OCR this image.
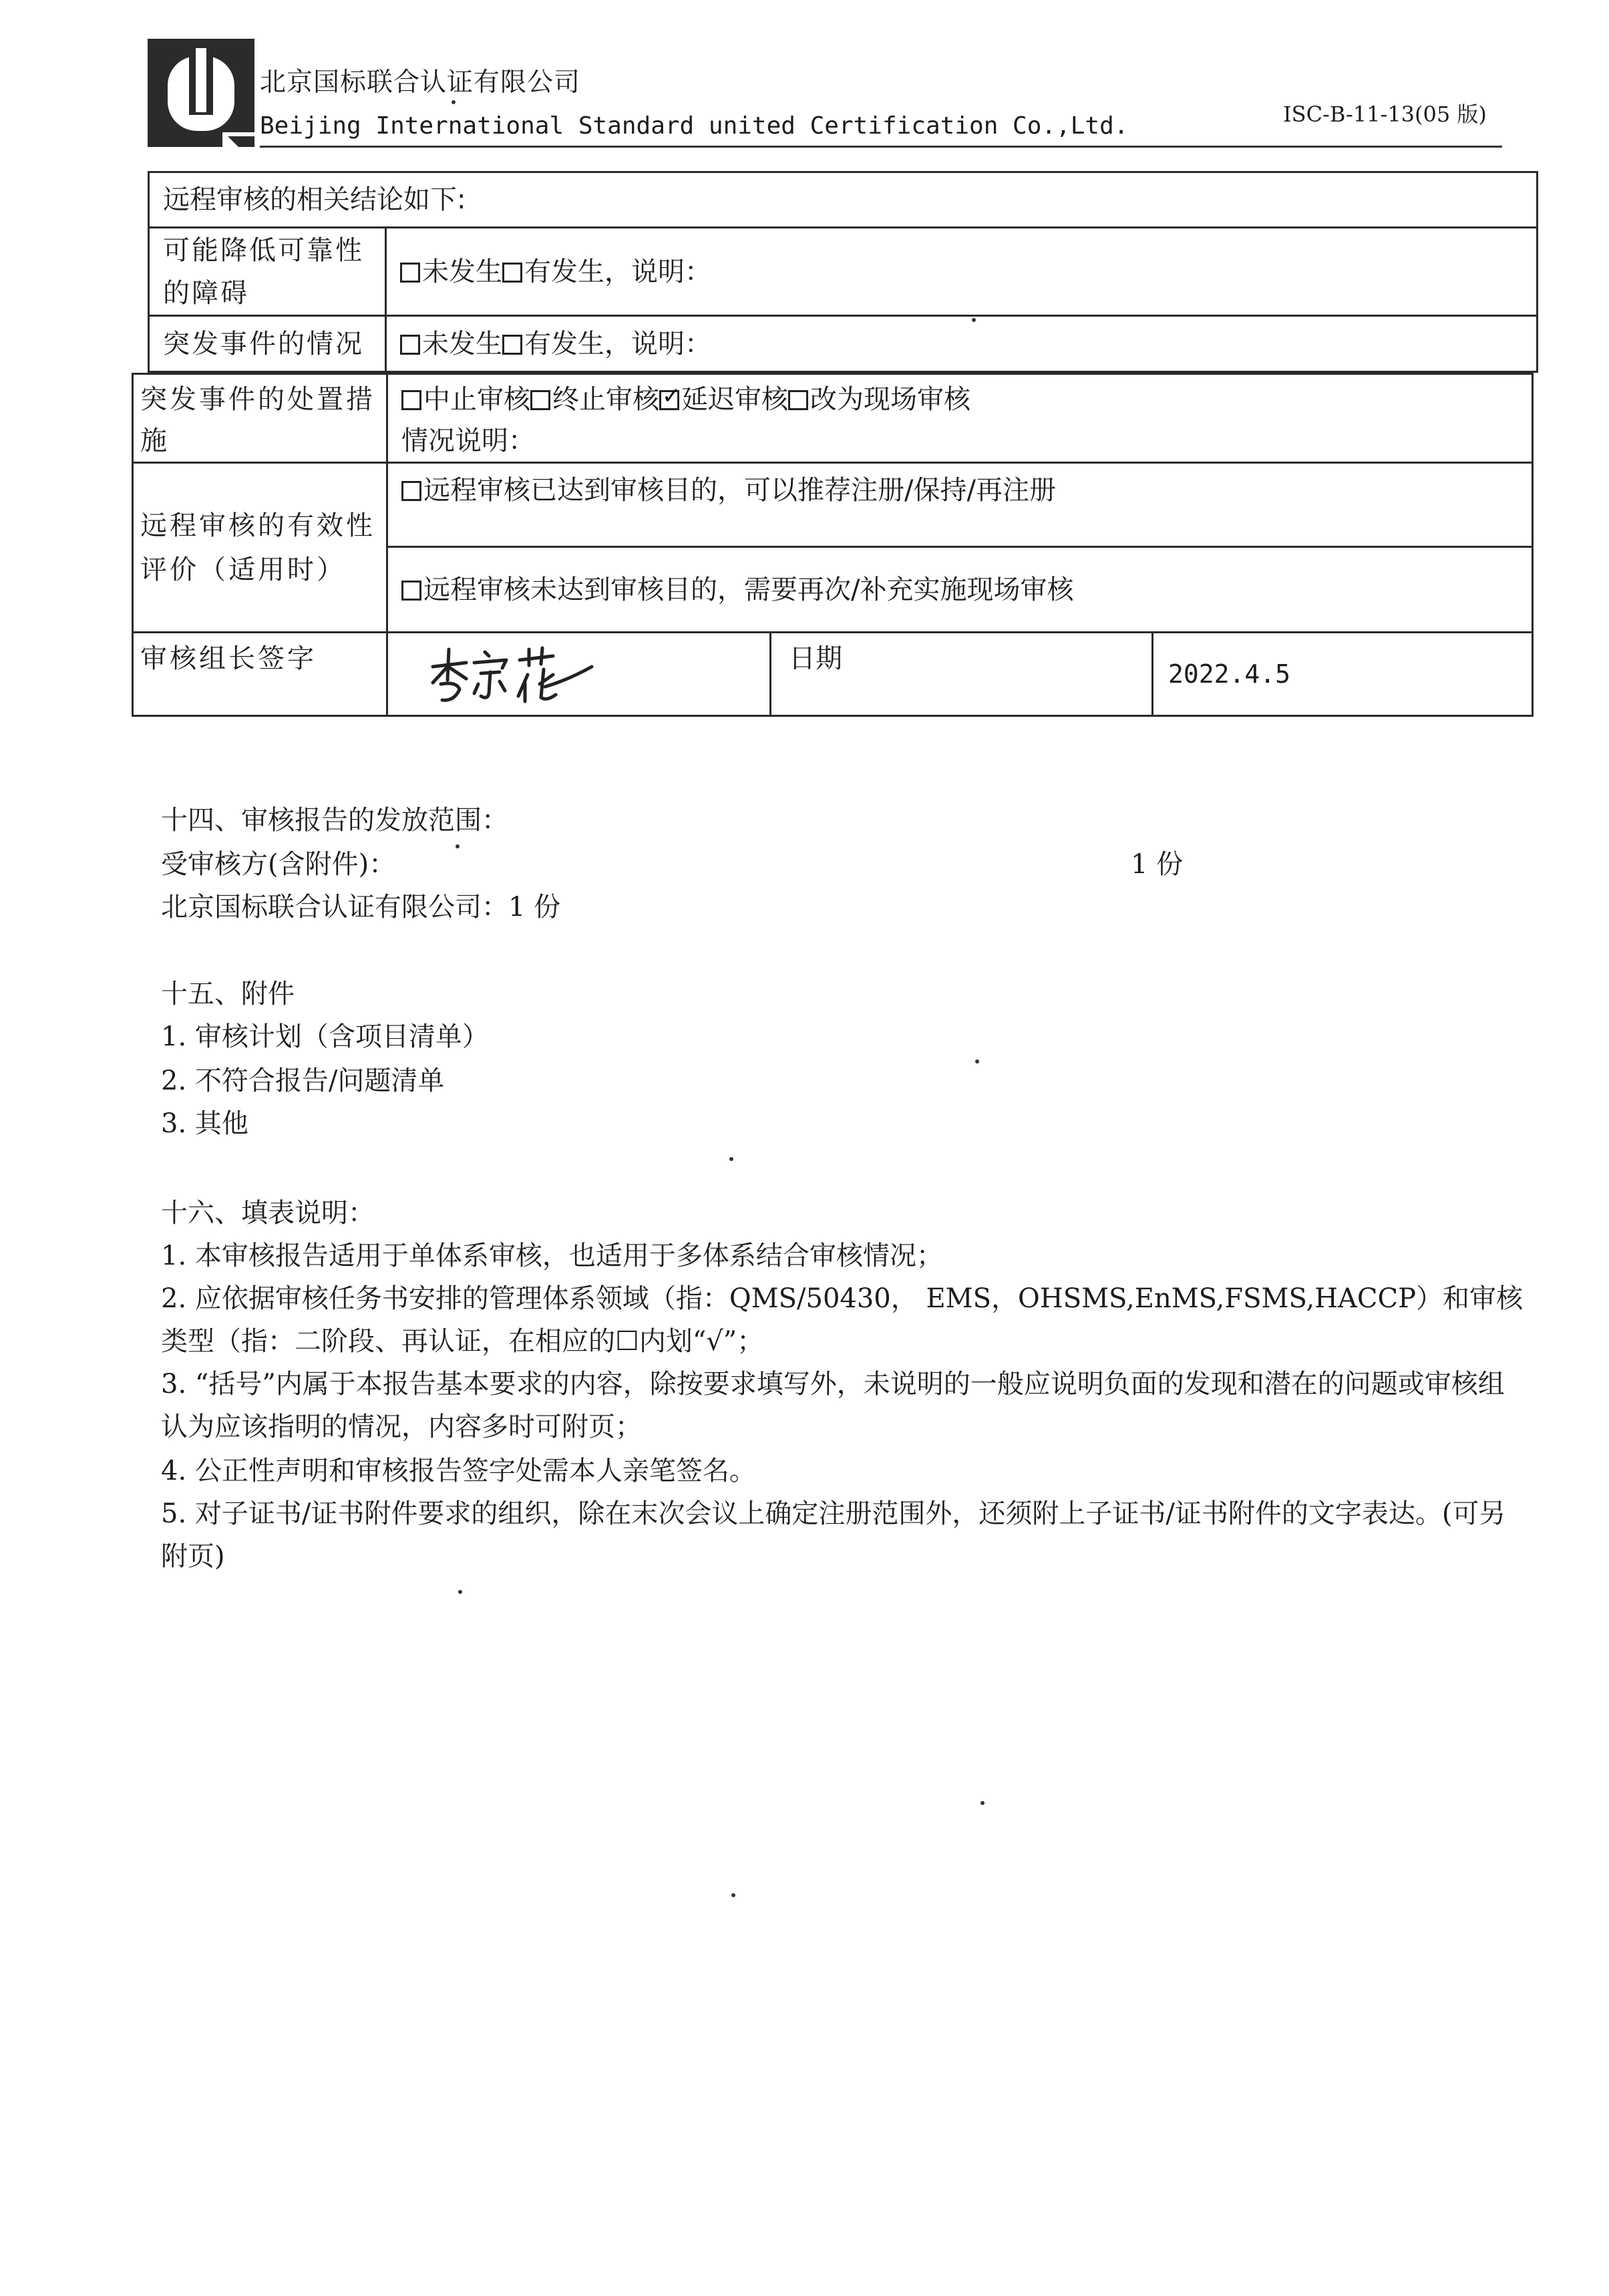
北京国标联合认证有限公司
Beijing International Standard united Certification Co.,Ltd.	ISC-B-11-13(05 版)
远程审核的相关结论如下:	
可能降低可靠性的障碍	未发生 有发生，说明：
突发事件的情况	未发生 有发生，说明：
突发事件的处置措施	中止审核 终止审核 ✓ 延迟审核 改为现场审核
情况说明：

远程审核的有效性评价（适用时）	远程审核已达到审核目的，可以推荐注册/保持/再注册		
	远程审核未达到审核目的，需要再次/补充实施现场审核		
审核组长签字		日期	2022.4.5
十四、审核报告的发放范围：
受审核方(含附件)：	1 份
北京国标联合认证有限公司：1 份
十五、附件
1. 审核计划（含项目清单）
2. 不符合报告/问题清单
3. 其他
十六、填表说明：
1. 本审核报告适用于单体系审核，也适用于多体系结合审核情况；
2. 应依据审核任务书安排的管理体系领域（指：QMS/50430， EMS，OHSMS,EnMS,FSMS,HACCP）和审核类型（指：二阶段、再认证，在相应的☐内划“√”；
3. “括号”内属于本报告基本要求的内容，除按要求填写外，未说明的一般应说明负面的发现和潜在的问题或审核组认为应该指明的情况，内容多时可附页；
4. 公正性声明和审核报告签字处需本人亲笔签名。
5. 对子证书/证书附件要求的组织，除在末次会议上确定注册范围外，还须附上子证书/证书附件的文字表达。(可另附页)
